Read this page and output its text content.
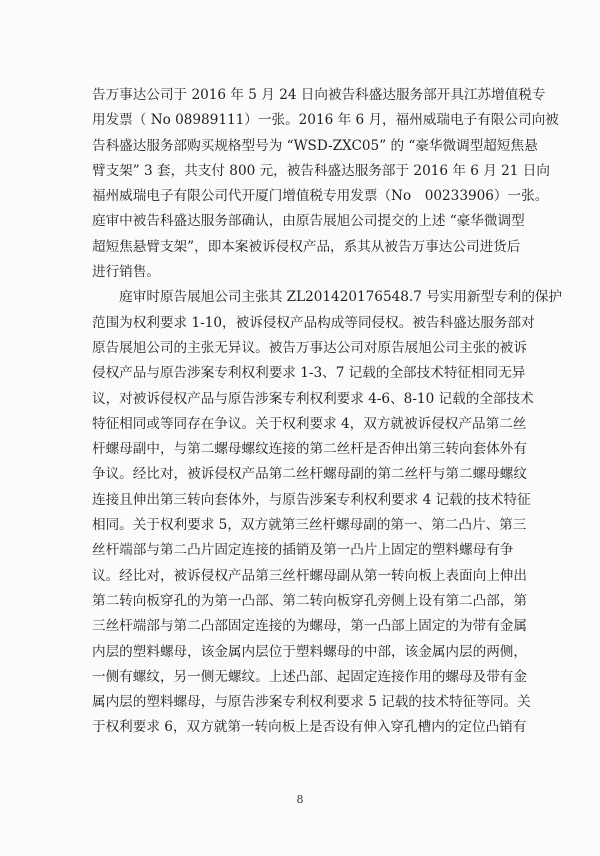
告万事达公司于 2016 年 5 月 24 日向被告科盛达服务部开具江苏增值税专
用发票（ No 08989111）一张。2016 年 6 月，福州威瑞电子有限公司向被
告科盛达服务部购买规格型号为 “WSD-ZXC05” 的 “豪华微调型超短焦悬
臂支架” 3 套，共支付 800 元，被告科盛达服务部于 2016 年 6 月 21 日向
福州威瑞电子有限公司代开厦门增值税专用发票（No　00233906）一张。
庭审中被告科盛达服务部确认，由原告展旭公司提交的上述 “豪华微调型
超短焦悬臂支架”，即本案被诉侵权产品，系其从被告万事达公司进货后
进行销售。
　　庭审时原告展旭公司主张其 ZL201420176548.7 号实用新型专利的保护
范围为权利要求 1-10，被诉侵权产品构成等同侵权。被告科盛达服务部对
原告展旭公司的主张无异议。被告万事达公司对原告展旭公司主张的被诉
侵权产品与原告涉案专利权利要求 1-3、7 记载的全部技术特征相同无异
议，对被诉侵权产品与原告涉案专利权利要求 4-6、8-10 记载的全部技术
特征相同或等同存在争议。关于权利要求 4，双方就被诉侵权产品第二丝
杆螺母副中，与第二螺母螺纹连接的第二丝杆是否伸出第三转向套体外有
争议。经比对，被诉侵权产品第二丝杆螺母副的第二丝杆与第二螺母螺纹
连接且伸出第三转向套体外，与原告涉案专利权利要求 4 记载的技术特征
相同。关于权利要求 5，双方就第三丝杆螺母副的第一、第二凸片、第三
丝杆端部与第二凸片固定连接的插销及第一凸片上固定的塑料螺母有争
议。经比对，被诉侵权产品第三丝杆螺母副从第一转向板上表面向上伸出
第二转向板穿孔的为第一凸部、第二转向板穿孔旁侧上设有第二凸部，第
三丝杆端部与第二凸部固定连接的为螺母，第一凸部上固定的为带有金属
内层的塑料螺母，该金属内层位于塑料螺母的中部，该金属内层的两侧，
一侧有螺纹，另一侧无螺纹。上述凸部、起固定连接作用的螺母及带有金
属内层的塑料螺母，与原告涉案专利权利要求 5 记载的技术特征等同。关
于权利要求 6，双方就第一转向板上是否设有伸入穿孔槽内的定位凸销有
8
